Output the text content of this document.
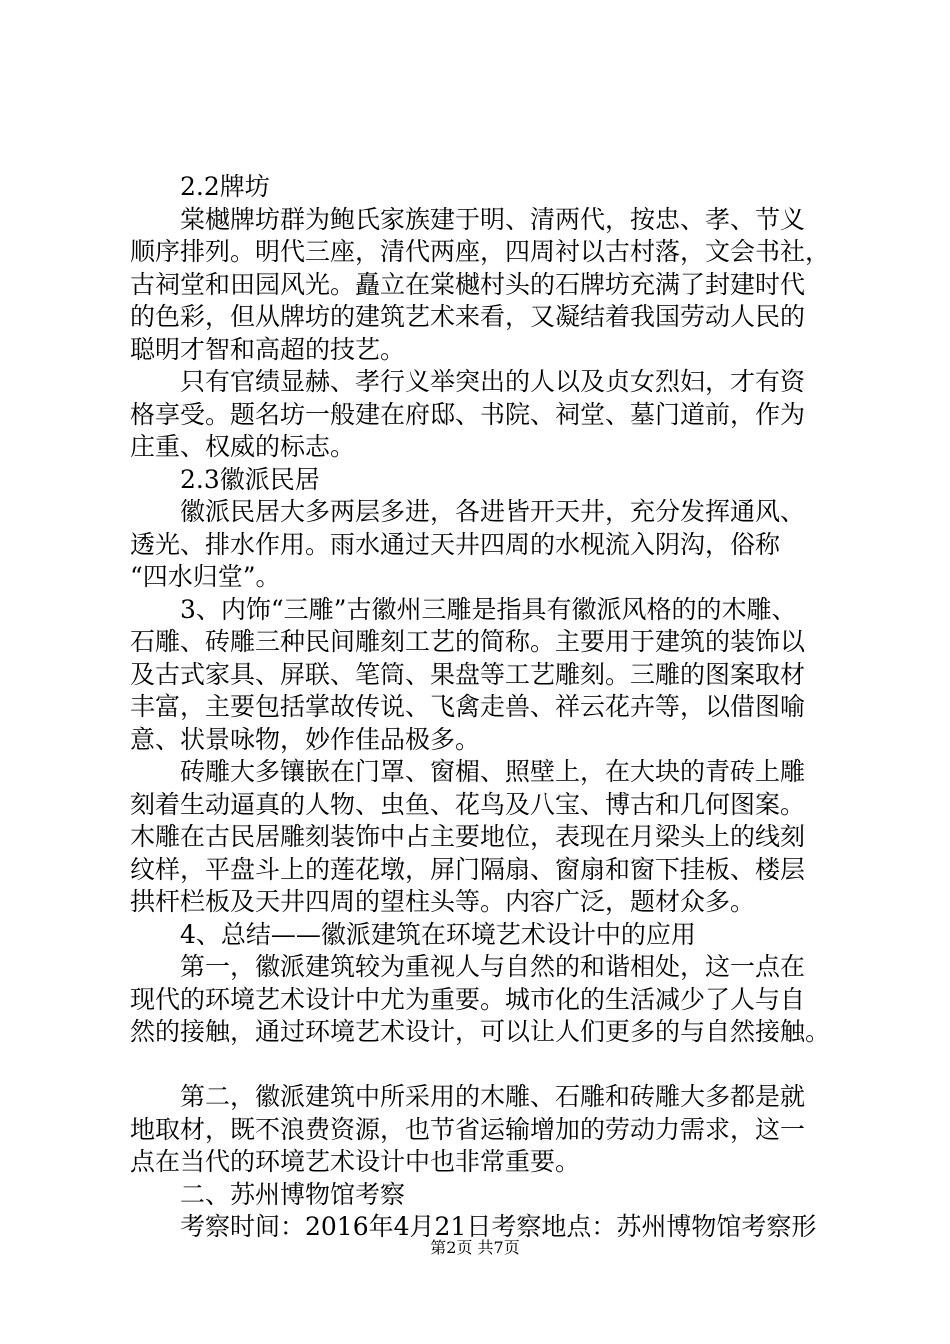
　　2.2牌坊
　　棠樾牌坊群为鲍氏家族建于明、清两代，按忠、孝、节义
顺序排列。明代三座，清代两座，四周衬以古村落，文会书社，
古祠堂和田园风光。矗立在棠樾村头的石牌坊充满了封建时代
的色彩，但从牌坊的建筑艺术来看，又凝结着我国劳动人民的
聪明才智和高超的技艺。
　　只有官绩显赫、孝行义举突出的人以及贞女烈妇，才有资
格享受。题名坊一般建在府邸、书院、祠堂、墓门道前，作为
庄重、权威的标志。
　　2.3徽派民居
　　徽派民居大多两层多进，各进皆开天井，充分发挥通风、
透光、排水作用。雨水通过天井四周的水枧流入阴沟，俗称
“四水归堂”。
　　3、内饰“三雕”古徽州三雕是指具有徽派风格的的木雕、
石雕、砖雕三种民间雕刻工艺的简称。主要用于建筑的装饰以
及古式家具、屏联、笔筒、果盘等工艺雕刻。三雕的图案取材
丰富，主要包括掌故传说、飞禽走兽、祥云花卉等，以借图喻
意、状景咏物，妙作佳品极多。
　　砖雕大多镶嵌在门罩、窗楣、照壁上，在大块的青砖上雕
刻着生动逼真的人物、虫鱼、花鸟及八宝、博古和几何图案。
木雕在古民居雕刻装饰中占主要地位，表现在月梁头上的线刻
纹样，平盘斗上的莲花墩，屏门隔扇、窗扇和窗下挂板、楼层
拱杆栏板及天井四周的望柱头等。内容广泛，题材众多。
　　4、总结——徽派建筑在环境艺术设计中的应用
　　第一，徽派建筑较为重视人与自然的和谐相处，这一点在
现代的环境艺术设计中尤为重要。城市化的生活减少了人与自
然的接触，通过环境艺术设计，可以让人们更多的与自然接触。
　　第二，徽派建筑中所采用的木雕、石雕和砖雕大多都是就
地取材，既不浪费资源，也节省运输增加的劳动力需求，这一
点在当代的环境艺术设计中也非常重要。
　　二、苏州博物馆考察
　　考察时间：2016年4月21日考察地点：苏州博物馆考察形
第2页 共7页
